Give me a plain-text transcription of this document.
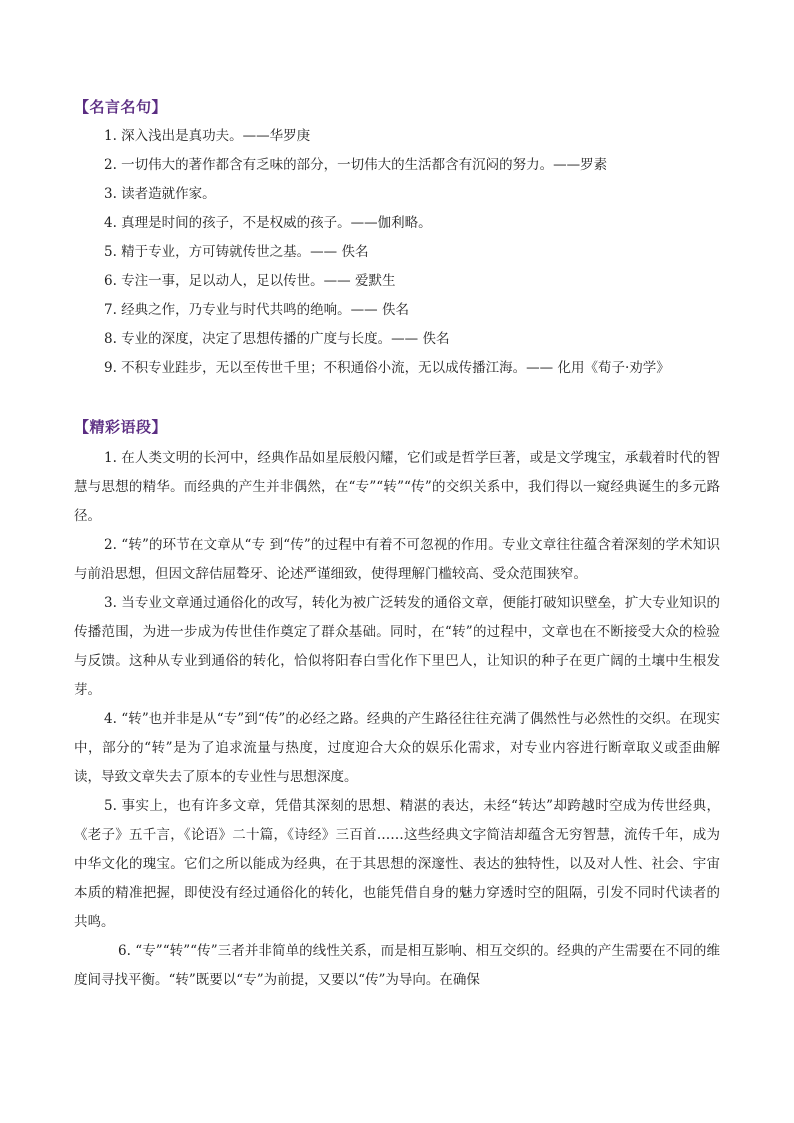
【名言名句】
1. 深入浅出是真功夫。——华罗庚
2. 一切伟大的著作都含有乏味的部分，一切伟大的生活都含有沉闷的努力。——罗素
3. 读者造就作家。
4. 真理是时间的孩子，不是权威的孩子。——伽利略。
5. 精于专业，方可铸就传世之基。—— 佚名
6. 专注一事，足以动人，足以传世。—— 爱默生
7. 经典之作，乃专业与时代共鸣的绝响。—— 佚名
8. 专业的深度，决定了思想传播的广度与长度。—— 佚名
9. 不积专业跬步，无以至传世千里；不积通俗小流，无以成传播江海。—— 化用《荀子·劝学》
【精彩语段】

1. 在人类文明的长河中，经典作品如星辰般闪耀，它们或是哲学巨著，或是文学瑰宝，承载着时代的智慧与思想的精华。而经典的产生并非偶然，在“专”“转”“传”的交织关系中，我们得以一窥经典诞生的多元路径。

2. “转”的环节在文章从“专 到“传”的过程中有着不可忽视的作用。专业文章往往蕴含着深刻的学术知识与前沿思想，但因文辞佶屈聱牙、论述严谨细致，使得理解门槛较高、受众范围狭窄。

3. 当专业文章通过通俗化的改写，转化为被广泛转发的通俗文章，便能打破知识壁垒，扩大专业知识的传播范围，为进一步成为传世佳作奠定了群众基础。同时，在“转”的过程中，文章也在不断接受大众的检验与反馈。这种从专业到通俗的转化，恰似将阳春白雪化作下里巴人，让知识的种子在更广阔的土壤中生根发芽。

4. “转”也并非是从“专”到“传”的必经之路。经典的产生路径往往充满了偶然性与必然性的交织。在现实中，部分的“转”是为了追求流量与热度，过度迎合大众的娱乐化需求，对专业内容进行断章取义或歪曲解读，导致文章失去了原本的专业性与思想深度。

5. 事实上，也有许多文章，凭借其深刻的思想、精湛的表达，未经“转达”却跨越时空成为传世经典，《老子》五千言，《论语》二十篇，《诗经》三百首……这些经典文字简洁却蕴含无穷智慧，流传千年，成为中华文化的瑰宝。它们之所以能成为经典，在于其思想的深邃性、表达的独特性，以及对人性、社会、宇宙本质的精准把握，即使没有经过通俗化的转化，也能凭借自身的魅力穿透时空的阻隔，引发不同时代读者的共鸣。

6. “专”“转”“传”三者并非简单的线性关系，而是相互影响、相互交织的。经典的产生需要在不同的维度间寻找平衡。“转”既要以“专”为前提，又要以“传”为导向。在确保
